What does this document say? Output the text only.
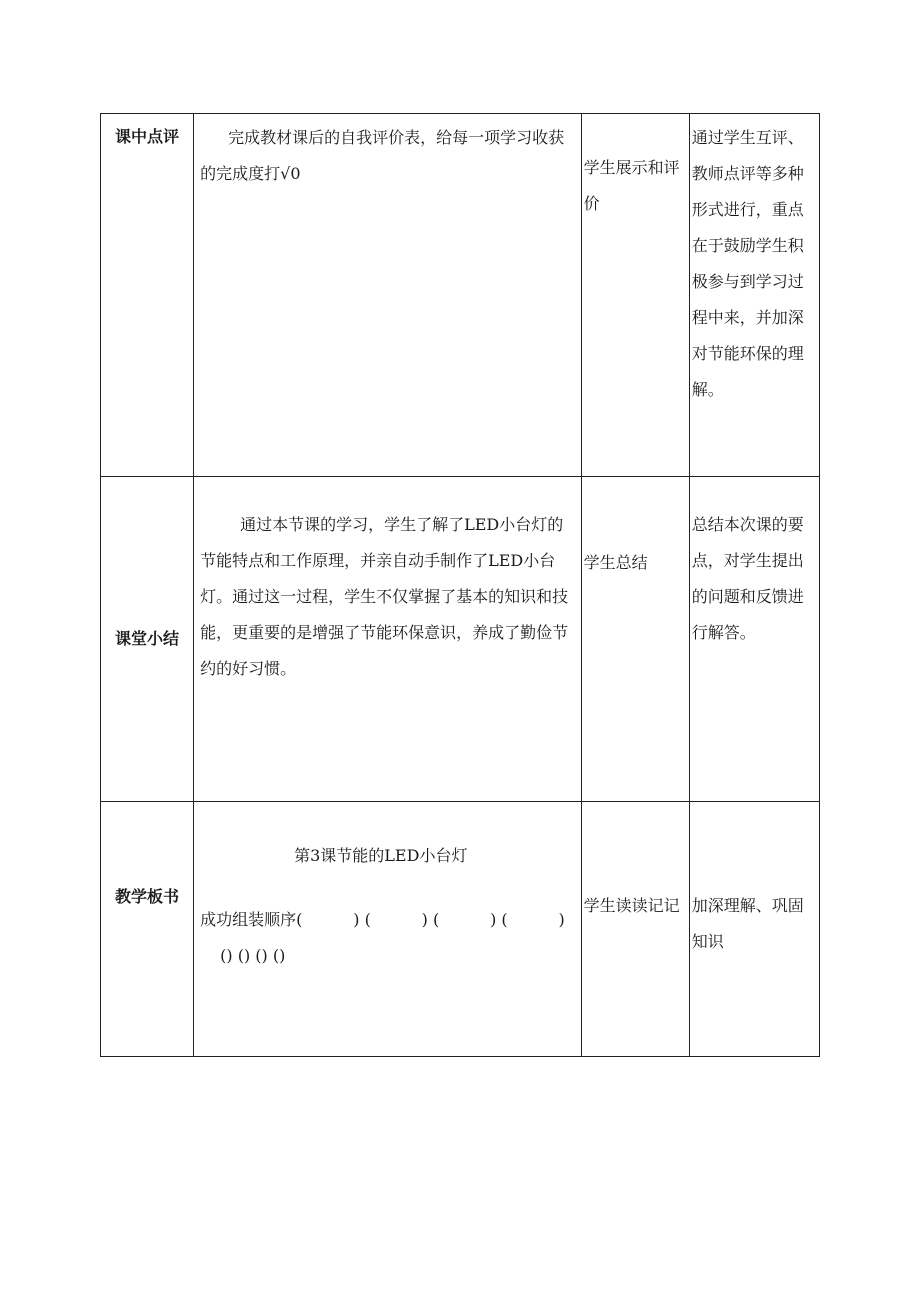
课中点评	完成教材课后的自我评价表，给每一项学习收获的完成度打√0	学生展示和评价	通过学生互评、教师点评等多种形式进行，重点在于鼓励学生积极参与到学习过程中来，并加深对节能环保的理解。

课堂小结	通过本节课的学习，学生了解了LED小台灯的节能特点和工作原理，并亲自动手制作了LED小台灯。通过这一过程，学生不仅掌握了基本的知识和技能，更重要的是增强了节能环保意识，养成了勤俭节约的好习惯。	学生总结	总结本次课的要点，对学生提出的问题和反馈进行解答。

教学板书	第3课节能的LED小台灯
成功组装顺序(          ) (          ) (          ) (          )
() () () ()	学生读读记记	加深理解、巩固知识
